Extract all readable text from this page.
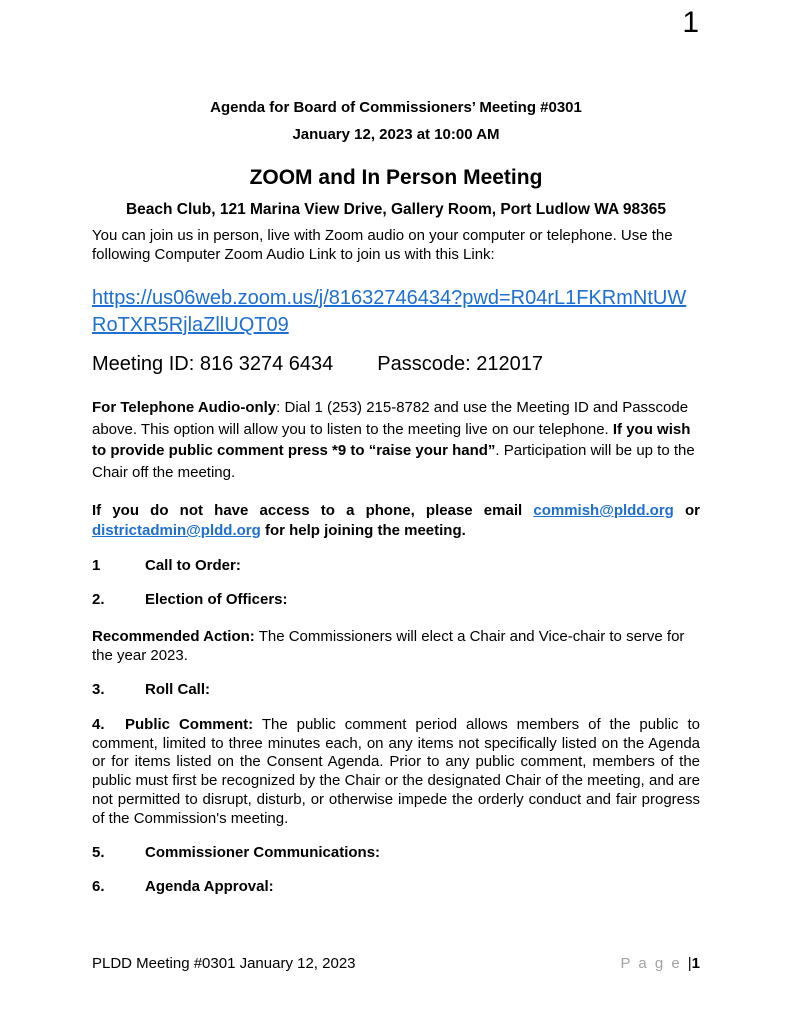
1
Agenda for Board of Commissioners’ Meeting #0301
January 12, 2023 at 10:00 AM
ZOOM and In Person Meeting
Beach Club, 121 Marina View Drive, Gallery Room, Port Ludlow WA 98365

You can join us in person, live with Zoom audio on your computer or telephone. Use the following Computer Zoom Audio Link to join us with this Link:

https://us06web.zoom.us/j/81632746434?pwd=R04rL1FKRmNtUWRoTXR5RjlaZllUQT09
Meeting ID: 816 3274 6434 Passcode: 212017

For Telephone Audio-only: Dial 1 (253) 215-8782 and use the Meeting ID and Passcode above. This option will allow you to listen to the meeting live on our telephone. If you wish to provide public comment press *9 to “raise your hand”. Participation will be up to the Chair off the meeting.

If you do not have access to a phone, please email commish@pldd.org or districtadmin@pldd.org for help joining the meeting.

1	Call to Order:
2.	Election of Officers:

Recommended Action: The Commissioners will elect a Chair and Vice-chair to serve for the year 2023.

3.	Roll Call:

4. Public Comment: The public comment period allows members of the public to comment, limited to three minutes each, on any items not specifically listed on the Agenda or for items listed on the Consent Agenda. Prior to any public comment, members of the public must first be recognized by the Chair or the designated Chair of the meeting, and are not permitted to disrupt, disturb, or otherwise impede the orderly conduct and fair progress of the Commission's meeting.

5.	Commissioner Communications:
6.	Agenda Approval:
PLDD Meeting #0301 January 12, 2023	P a g e |1
